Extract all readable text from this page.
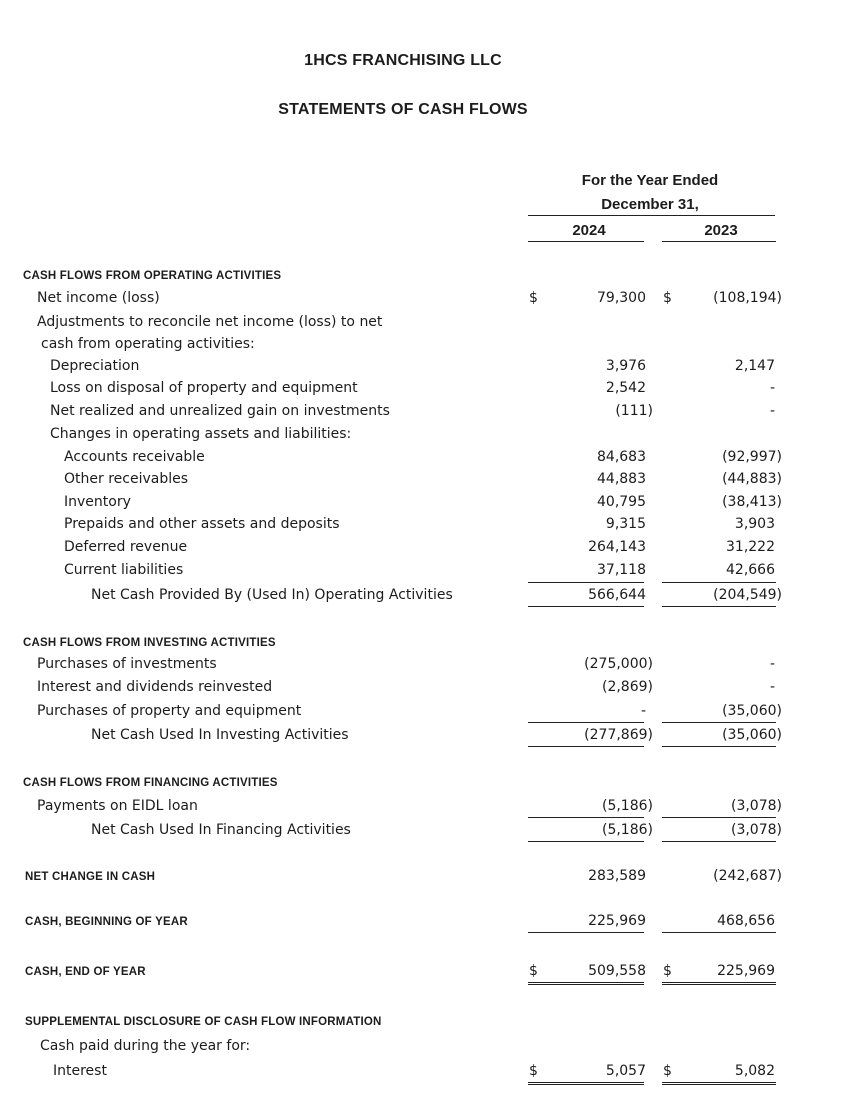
1HCS FRANCHISING LLC
STATEMENTS OF CASH FLOWS
For the Year Ended
December 31,
2024	2023
CASH FLOWS FROM OPERATING ACTIVITIES
Net income (loss)	$	79,300	$	(108,194)
Adjustments to reconcile net income (loss) to net
cash from operating activities:
Depreciation	3,976	2,147
Loss on disposal of property and equipment	2,542	-
Net realized and unrealized gain on investments	(111)	-
Changes in operating assets and liabilities:
Accounts receivable	84,683	(92,997)
Other receivables	44,883	(44,883)
Inventory	40,795	(38,413)
Prepaids and other assets and deposits	9,315	3,903
Deferred revenue	264,143	31,222
Current liabilities	37,118	42,666
Net Cash Provided By (Used In) Operating Activities	566,644	(204,549)
CASH FLOWS FROM INVESTING ACTIVITIES
Purchases of investments	(275,000)	-
Interest and dividends reinvested	(2,869)	-
Purchases of property and equipment	-	(35,060)
Net Cash Used In Investing Activities	(277,869)	(35,060)
CASH FLOWS FROM FINANCING ACTIVITIES
Payments on EIDL loan	(5,186)	(3,078)
Net Cash Used In Financing Activities	(5,186)	(3,078)
NET CHANGE IN CASH	283,589	(242,687)
CASH, BEGINNING OF YEAR	225,969	468,656
CASH, END OF YEAR	$	509,558	$	225,969
SUPPLEMENTAL DISCLOSURE OF CASH FLOW INFORMATION
Cash paid during the year for:
Interest	$	5,057	$	5,082
